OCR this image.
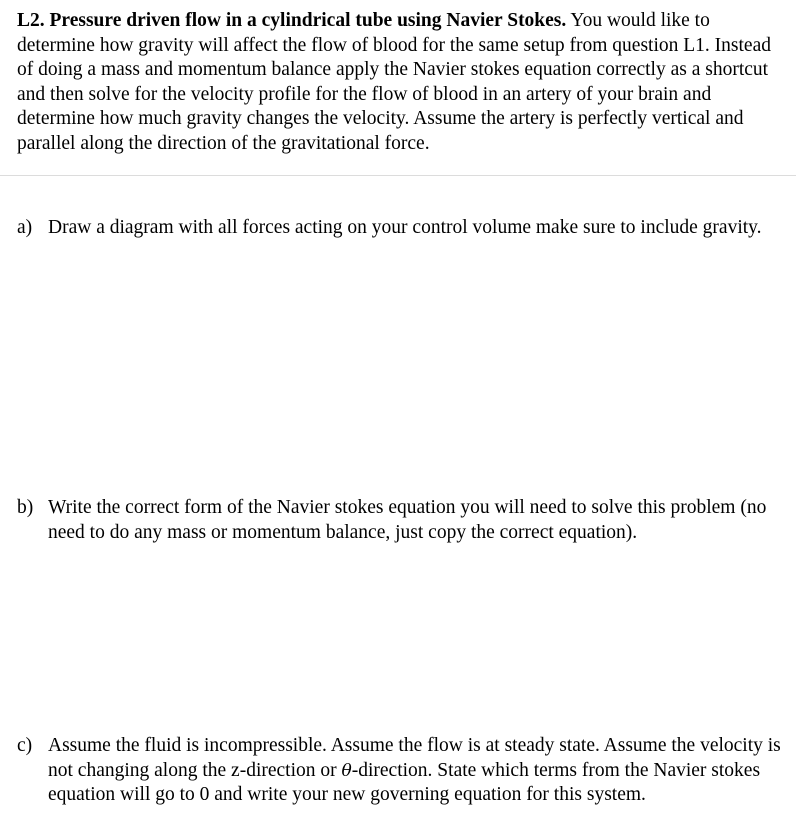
L2. Pressure driven flow in a cylindrical tube using Navier Stokes. You would like to determine how gravity will affect the flow of blood for the same setup from question L1. Instead of doing a mass and momentum balance apply the Navier stokes equation correctly as a shortcut and then solve for the velocity profile for the flow of blood in an artery of your brain and determine how much gravity changes the velocity. Assume the artery is perfectly vertical and parallel along the direction of the gravitational force.

a) Draw a diagram with all forces acting on your control volume make sure to include gravity.
b) Write the correct form of the Navier stokes equation you will need to solve this problem (no need to do any mass or momentum balance, just copy the correct equation).
c) Assume the fluid is incompressible. Assume the flow is at steady state. Assume the velocity is not changing along the z-direction or θ-direction. State which terms from the Navier stokes equation will go to 0 and write your new governing equation for this system.
